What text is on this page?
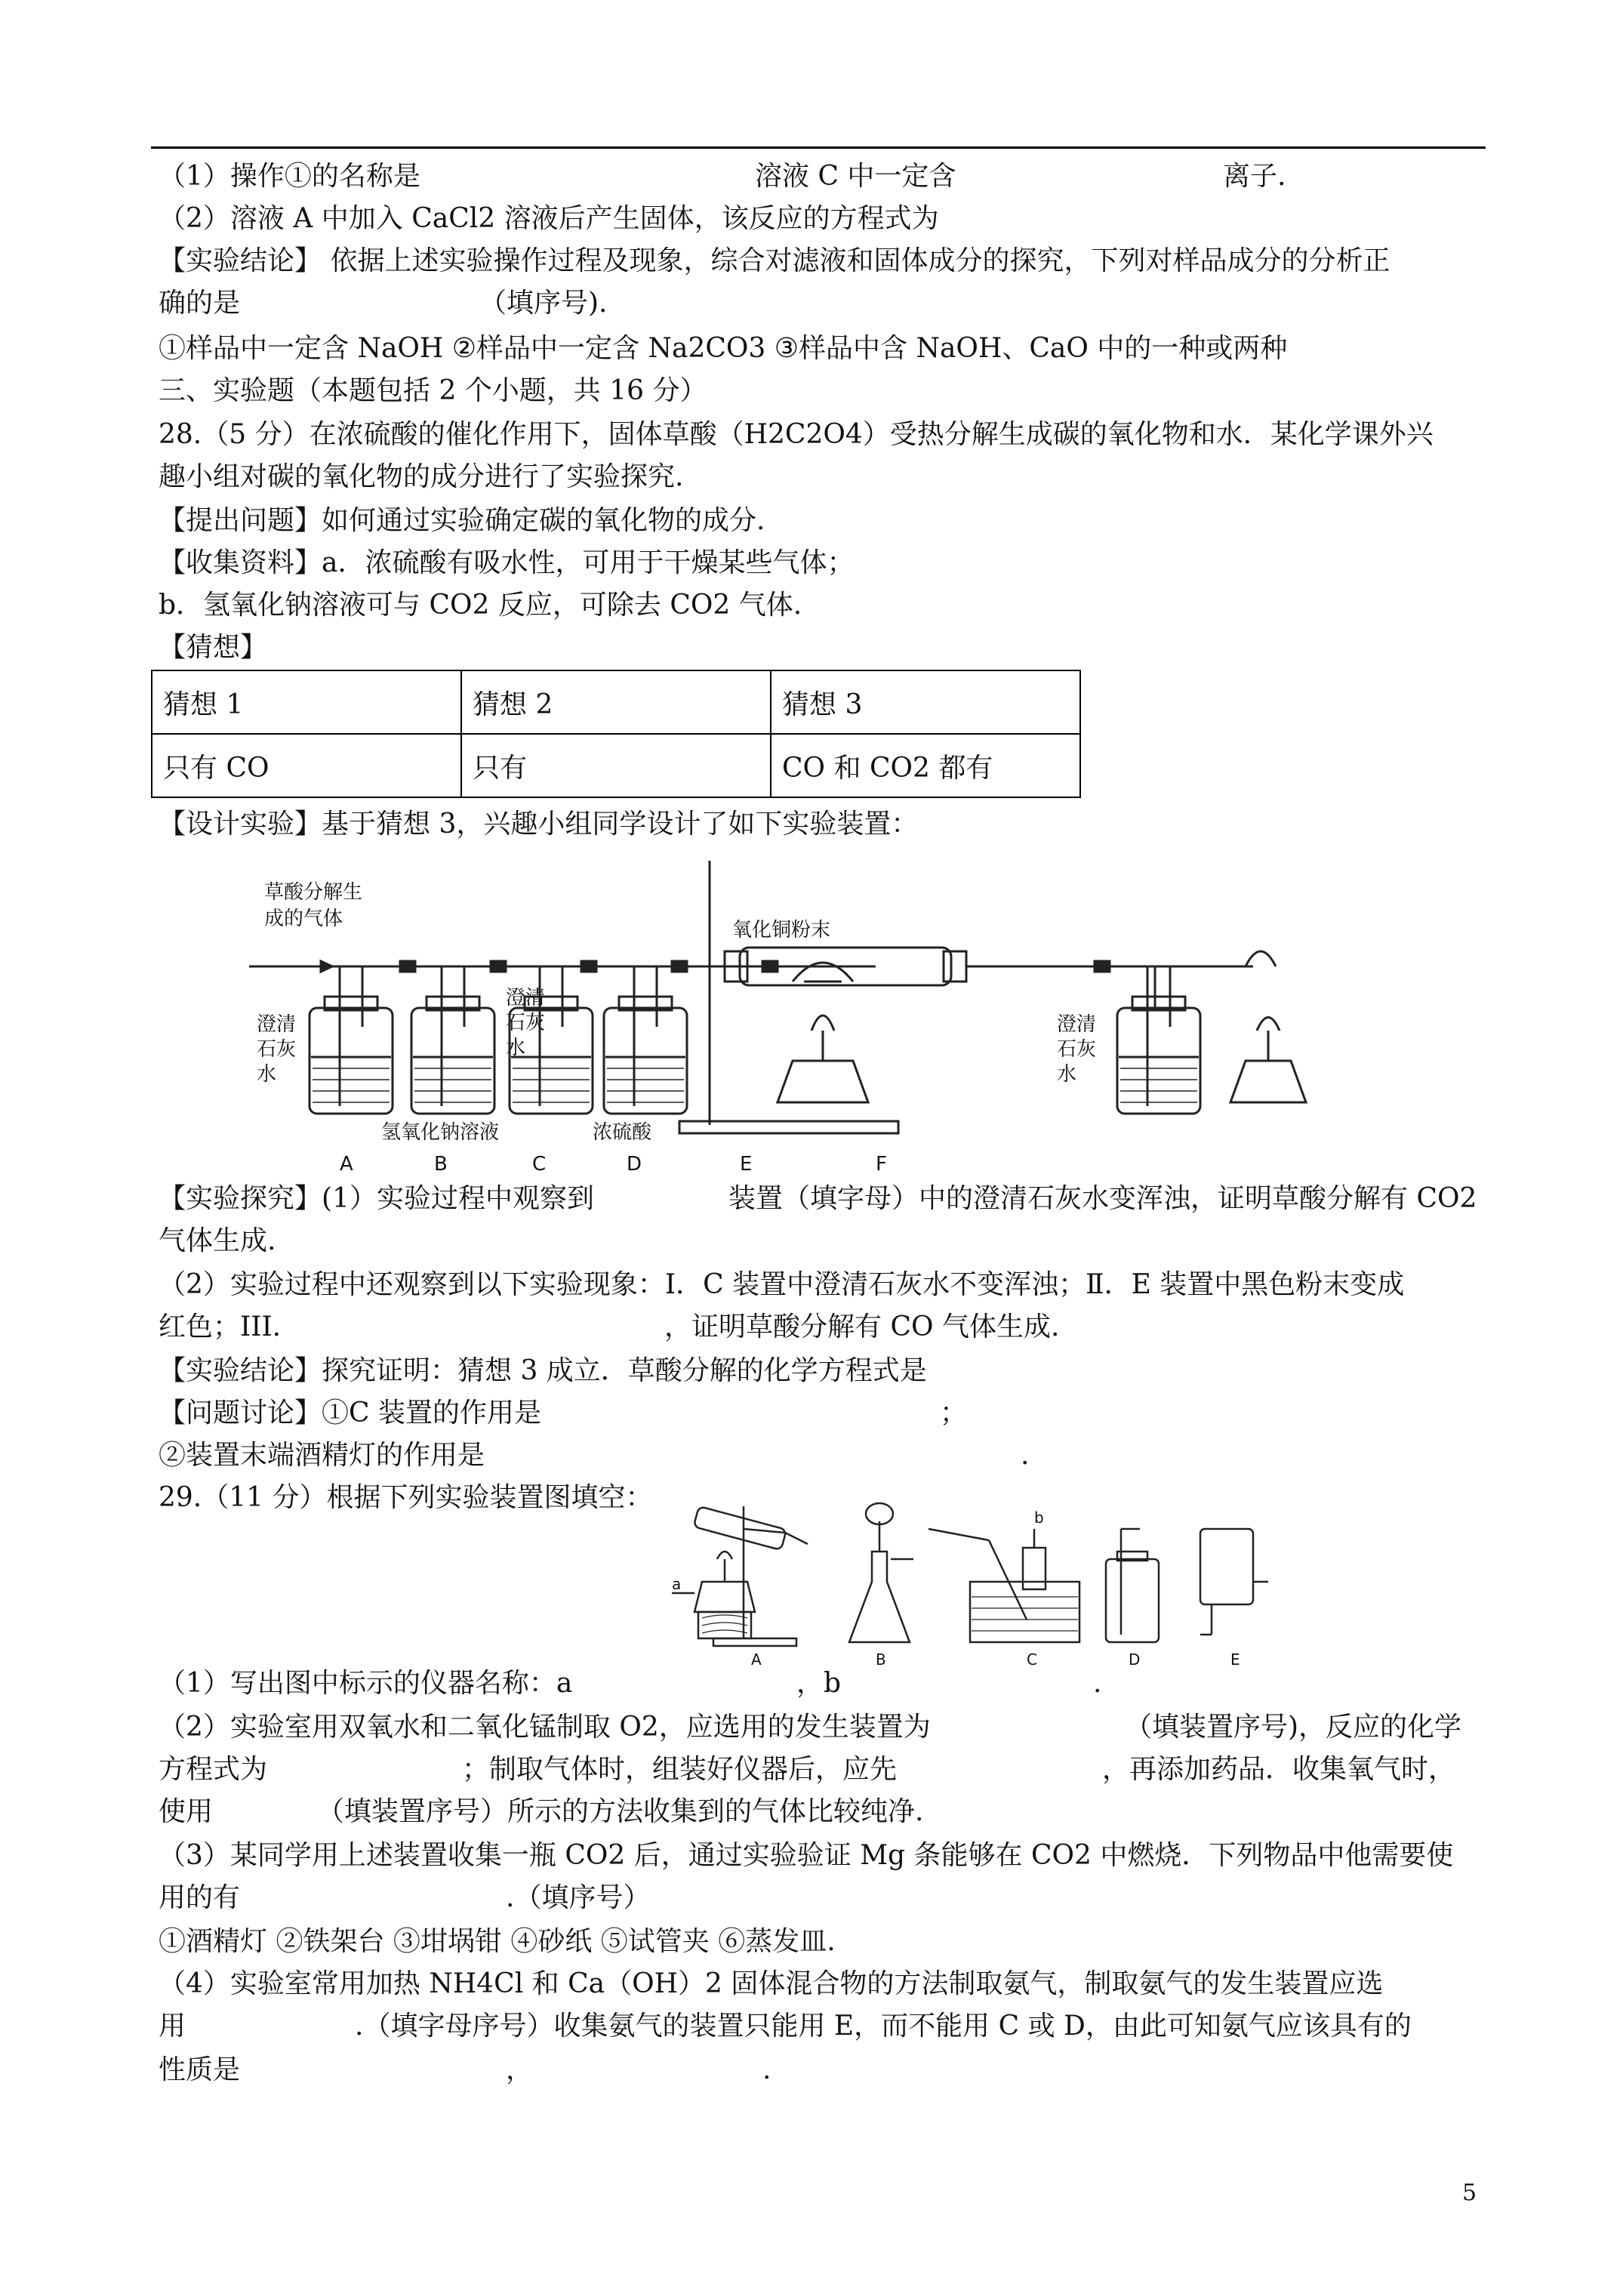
（1）操作①的名称是	溶液 C 中一定含	离子.
（2）溶液 A 中加入 CaCl2 溶液后产生固体，该反应的方程式为
【实验结论】 依据上述实验操作过程及现象，综合对滤液和固体成分的探究，下列对样品成分的分析正
确的是	（填序号).
①样品中一定含 NaOH ②样品中一定含 Na2CO3 ③样品中含 NaOH、CaO 中的一种或两种
三、实验题（本题包括 2 个小题，共 16 分）
28.（5 分）在浓硫酸的催化作用下，固体草酸（H2C2O4）受热分解生成碳的氧化物和水．某化学课外兴
趣小组对碳的氧化物的成分进行了实验探究.
【提出问题】如何通过实验确定碳的氧化物的成分.
【收集资料】a．浓硫酸有吸水性，可用于干燥某些气体；
b．氢氧化钠溶液可与 CO2 反应，可除去 CO2 气体.
【猜想】
猜想 1	猜想 2	猜想 3
只有 CO	只有	CO 和 CO2 都有
【设计实验】基于猜想 3，兴趣小组同学设计了如下实验装置：
草酸分解生
成的气体	氧化铜粉末
澄清
石灰
水
澄清
石灰
水
澄清
石灰
水
氢氧化钠溶液	浓硫酸
A	B	C	D	E	F
【实验探究】(1）实验过程中观察到	装置（填字母）中的澄清石灰水变浑浊，证明草酸分解有 CO2
气体生成.
（2）实验过程中还观察到以下实验现象：Ⅰ．C 装置中澄清石灰水不变浑浊；Ⅱ．E 装置中黑色粉末变成
红色；III.	，证明草酸分解有 CO 气体生成.
【实验结论】探究证明：猜想 3 成立．草酸分解的化学方程式是
【问题讨论】①C 装置的作用是	；
②装置末端酒精灯的作用是	.
29.（11 分）根据下列实验装置图填空：
a
b
A	B	C	D	E
（1）写出图中标示的仪器名称：a	，b	.
（2）实验室用双氧水和二氧化锰制取 O2，应选用的发生装置为	（填装置序号)，反应的化学
方程式为	；制取气体时，组装好仪器后，应先	，再添加药品．收集氧气时，
使用	（填装置序号）所示的方法收集到的气体比较纯净.
（3）某同学用上述装置收集一瓶 CO2 后，通过实验验证 Mg 条能够在 CO2 中燃烧．下列物品中他需要使
用的有	.（填序号）
①酒精灯 ②铁架台 ③坩埚钳 ④砂纸 ⑤试管夹 ⑥蒸发皿.
（4）实验室常用加热 NH4Cl 和 Ca（OH）2 固体混合物的方法制取氨气，制取氨气的发生装置应选
用	.（填字母序号）收集氨气的装置只能用 E，而不能用 C 或 D，由此可知氨气应该具有的
性质是	，	.
5
